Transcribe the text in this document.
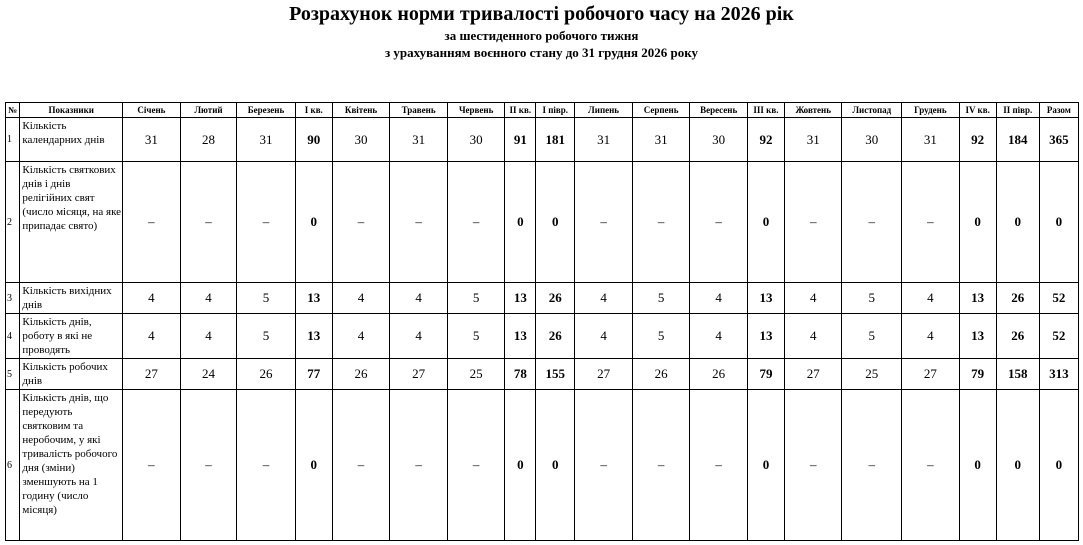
Розрахунок норми тривалості робочого часу на 2026 рік
за шестиденного робочого тижня
з урахуванням воєнного стану до 31 грудня 2026 року
№	Показники	Січень	Лютий	Березень	І кв.	Квітень	Травень	Червень	ІІ кв.	І півр.	Липень	Серпень	Вересень	ІІІ кв.	Жовтень	Листопад	Грудень	IV кв.	ІІ півр.	Разом
1	Кількість календарних днів	31	28	31	90	30	31	30	91	181	31	31	30	92	31	30	31	92	184	365
2	Кількість святкових днів і днів релігійних свят (число місяця, на яке припадає свято)	–	–	–	0	–	–	–	0	0	–	–	–	0	–	–	–	0	0	0
3	Кількість вихідних днів	4	4	5	13	4	4	5	13	26	4	5	4	13	4	5	4	13	26	52
4	Кількість днів, роботу в які не проводять	4	4	5	13	4	4	5	13	26	4	5	4	13	4	5	4	13	26	52
5	Кількість робочих днів	27	24	26	77	26	27	25	78	155	27	26	26	79	27	25	27	79	158	313
6	Кількість днів, що передують святковим та неробочим, у які тривалість робочого дня (зміни) зменшують на 1 годину (число місяця)	–	–	–	0	–	–	–	0	0	–	–	–	0	–	–	–	0	0	0
